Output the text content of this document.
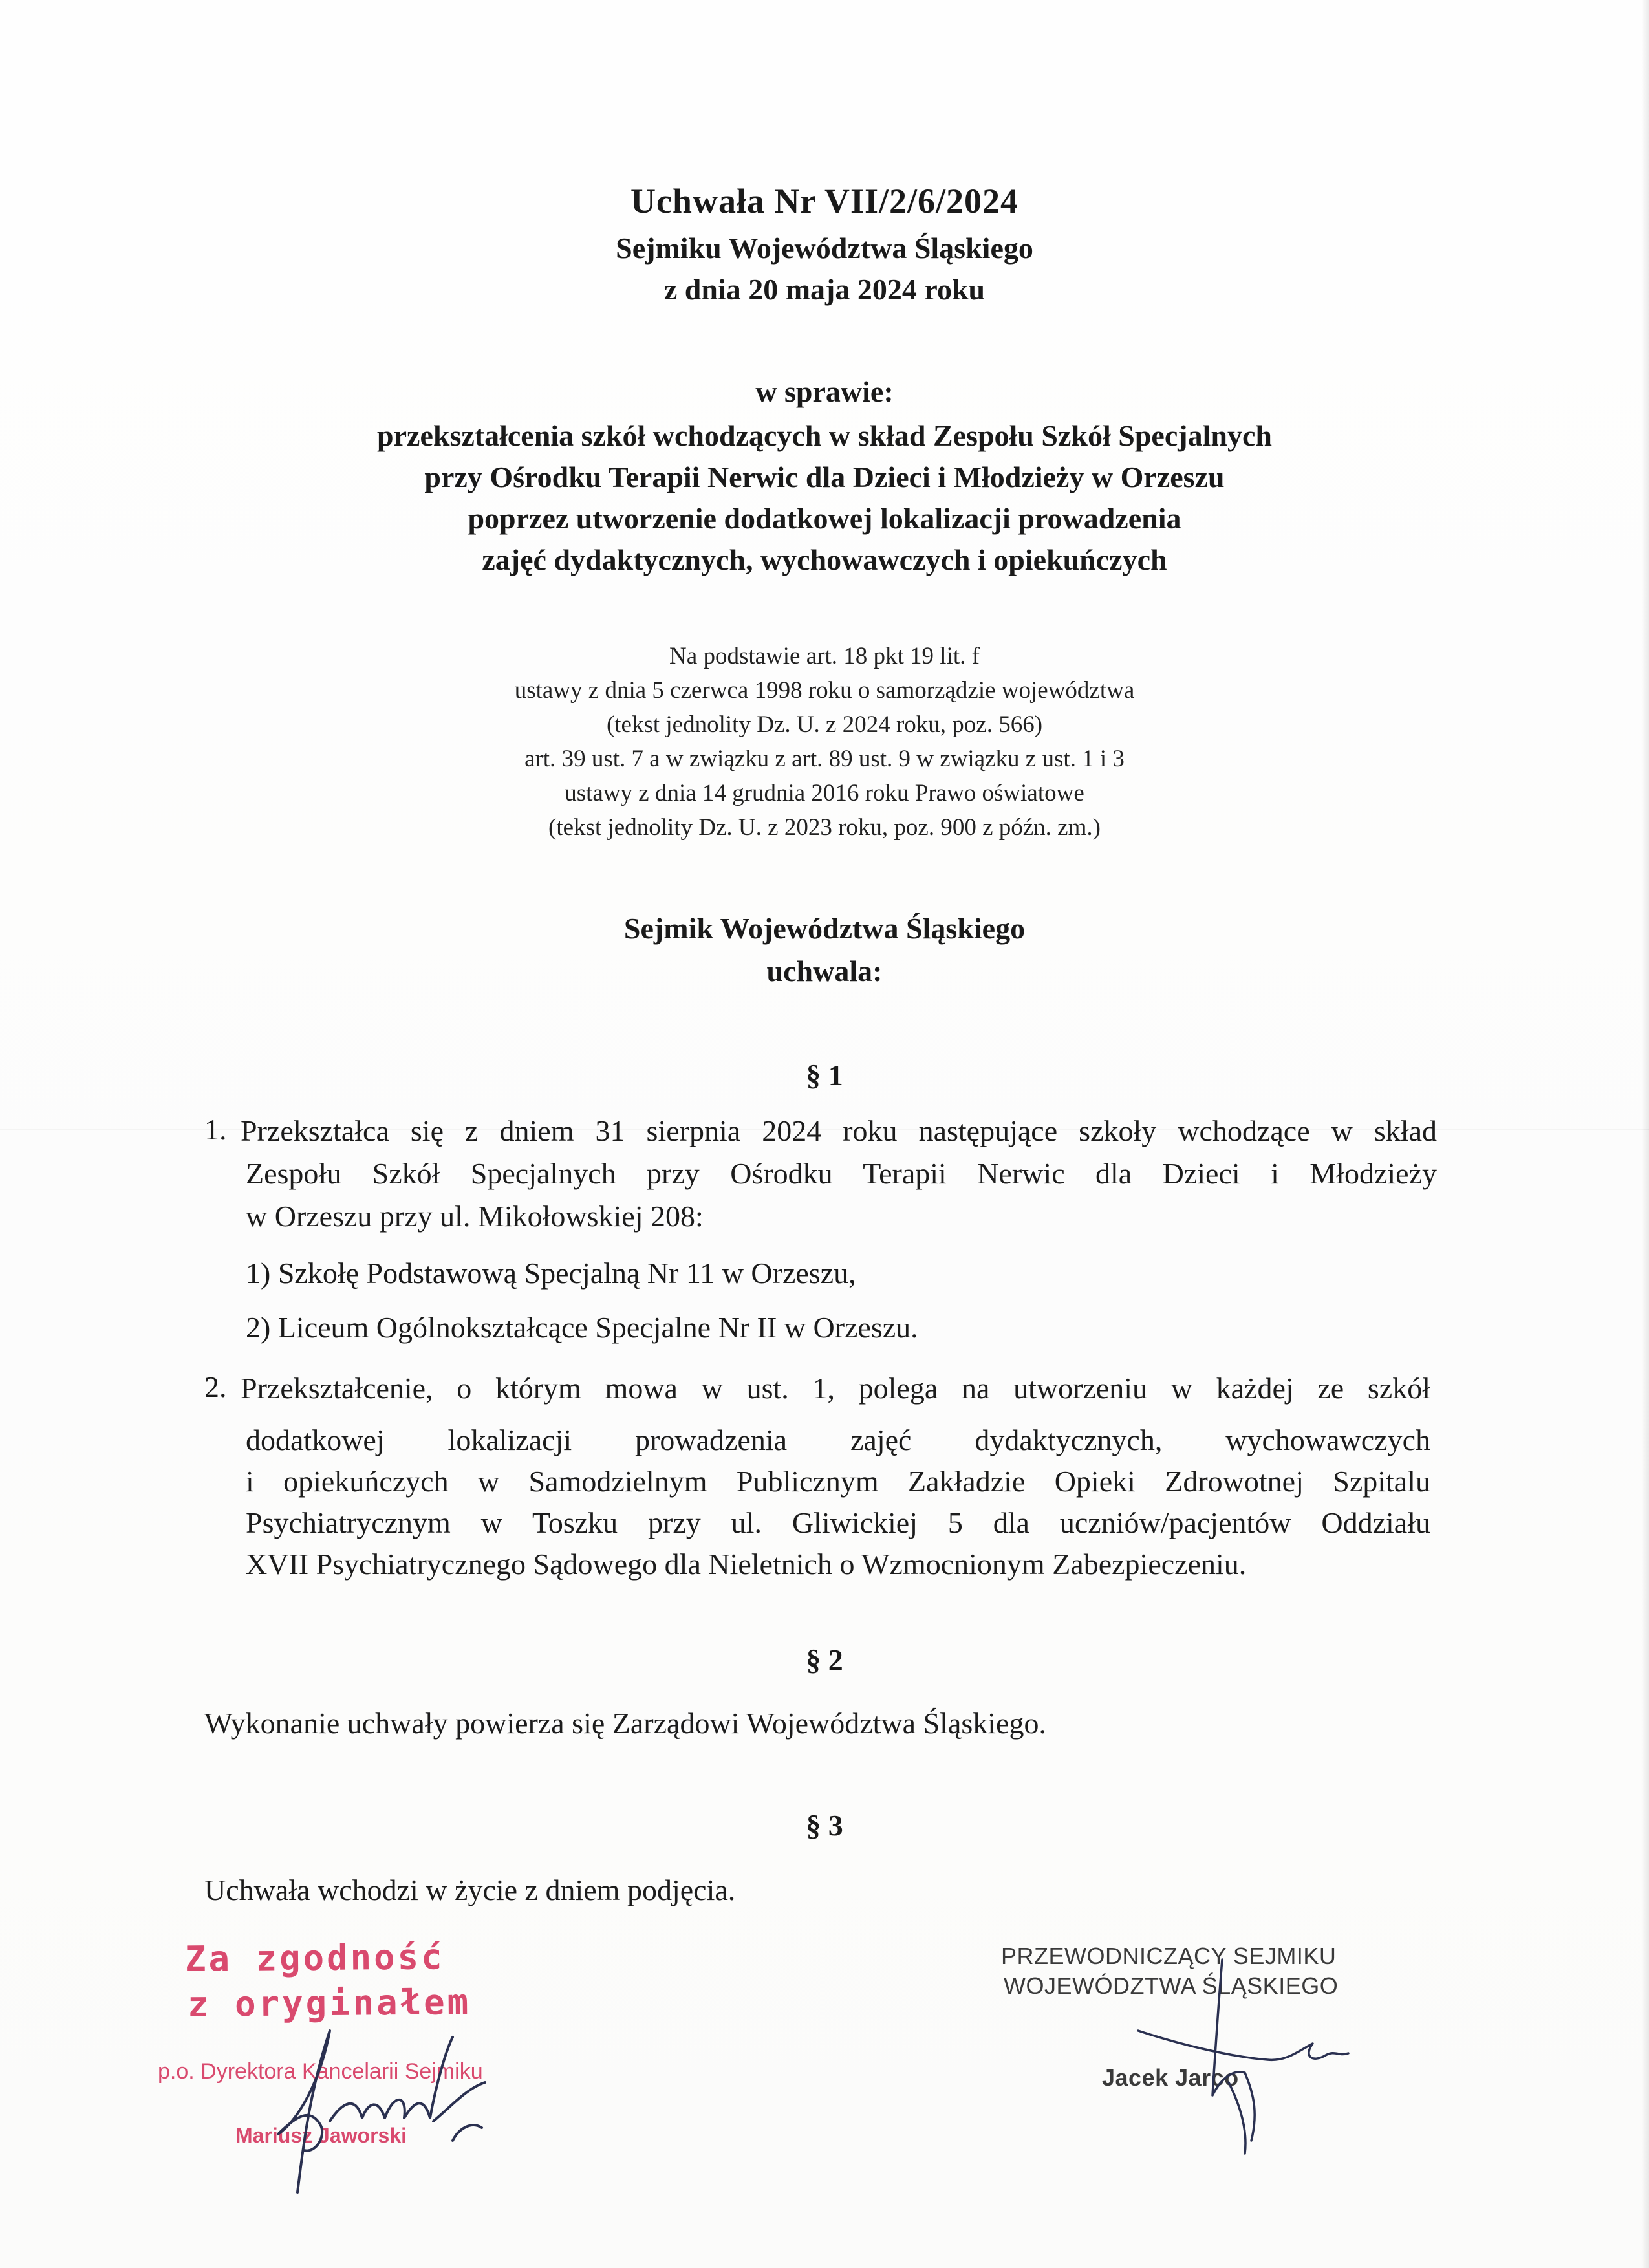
Uchwała Nr VII/2/6/2024
Sejmiku Województwa Śląskiego
z dnia 20 maja 2024 roku
w sprawie:
przekształcenia szkół wchodzących w skład Zespołu Szkół Specjalnych
przy Ośrodku Terapii Nerwic dla Dzieci i Młodzieży w Orzeszu
poprzez utworzenie dodatkowej lokalizacji prowadzenia
zajęć dydaktycznych, wychowawczych i opiekuńczych
Na podstawie art. 18 pkt 19 lit. f
ustawy z dnia 5 czerwca 1998 roku o samorządzie województwa
(tekst jednolity Dz. U. z 2024 roku, poz. 566)
art. 39 ust. 7 a w związku z art. 89 ust. 9 w związku z ust. 1 i 3
ustawy z dnia 14 grudnia 2016 roku Prawo oświatowe
(tekst jednolity Dz. U. z 2023 roku, poz. 900 z późn. zm.)
Sejmik Województwa Śląskiego
uchwala:
§ 1
1. Przekształca się z dniem 31 sierpnia 2024 roku następujące szkoły wchodzące w skład
Zespołu Szkół Specjalnych przy Ośrodku Terapii Nerwic dla Dzieci i Młodzieży
w Orzeszu przy ul. Mikołowskiej 208:
1) Szkołę Podstawową Specjalną Nr 11 w Orzeszu,
2) Liceum Ogólnokształcące Specjalne Nr II w Orzeszu.
2. Przekształcenie, o którym mowa w ust. 1, polega na utworzeniu w każdej ze szkół
dodatkowej lokalizacji prowadzenia zajęć dydaktycznych, wychowawczych
i opiekuńczych w Samodzielnym Publicznym Zakładzie Opieki Zdrowotnej Szpitalu
Psychiatrycznym w Toszku przy ul. Gliwickiej 5 dla uczniów/pacjentów Oddziału
XVII Psychiatrycznego Sądowego dla Nieletnich o Wzmocnionym Zabezpieczeniu.
§ 2
Wykonanie uchwały powierza się Zarządowi Województwa Śląskiego.
§ 3
Uchwała wchodzi w życie z dniem podjęcia.
Za zgodność
z oryginałem
p.o. Dyrektora Kancelarii Sejmiku
Mariusz Jaworski
PRZEWODNICZĄCY SEJMIKU
WOJEWÓDZTWA ŚLĄSKIEGO
Jacek Jarco
